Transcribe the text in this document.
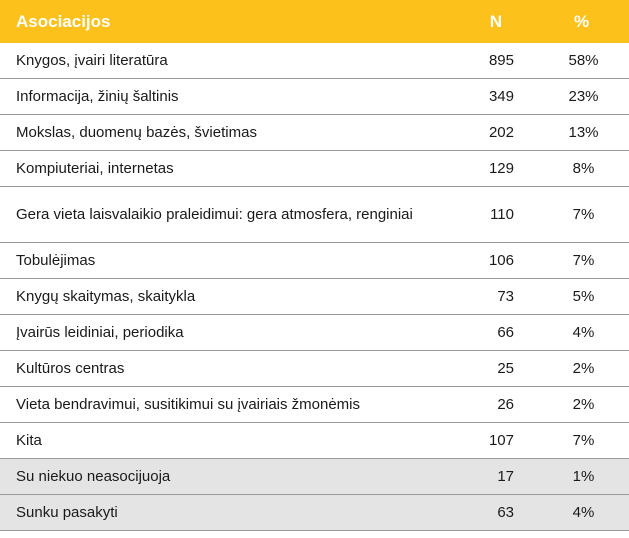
Asociacijos	N	%
Knygos, įvairi literatūra	895	58%
Informacija, žinių šaltinis	349	23%
Mokslas, duomenų bazės, švietimas	202	13%
Kompiuteriai, internetas	129	8%
Gera vieta laisvalaikio praleidimui: gera atmosfera, renginiai	110	7%
Tobulėjimas	106	7%
Knygų skaitymas, skaitykla	73	5%
Įvairūs leidiniai, periodika	66	4%
Kultūros centras	25	2%
Vieta bendravimui, susitikimui su įvairiais žmonėmis	26	2%
Kita	107	7%
Su niekuo neasocijuoja	17	1%
Sunku pasakyti	63	4%
